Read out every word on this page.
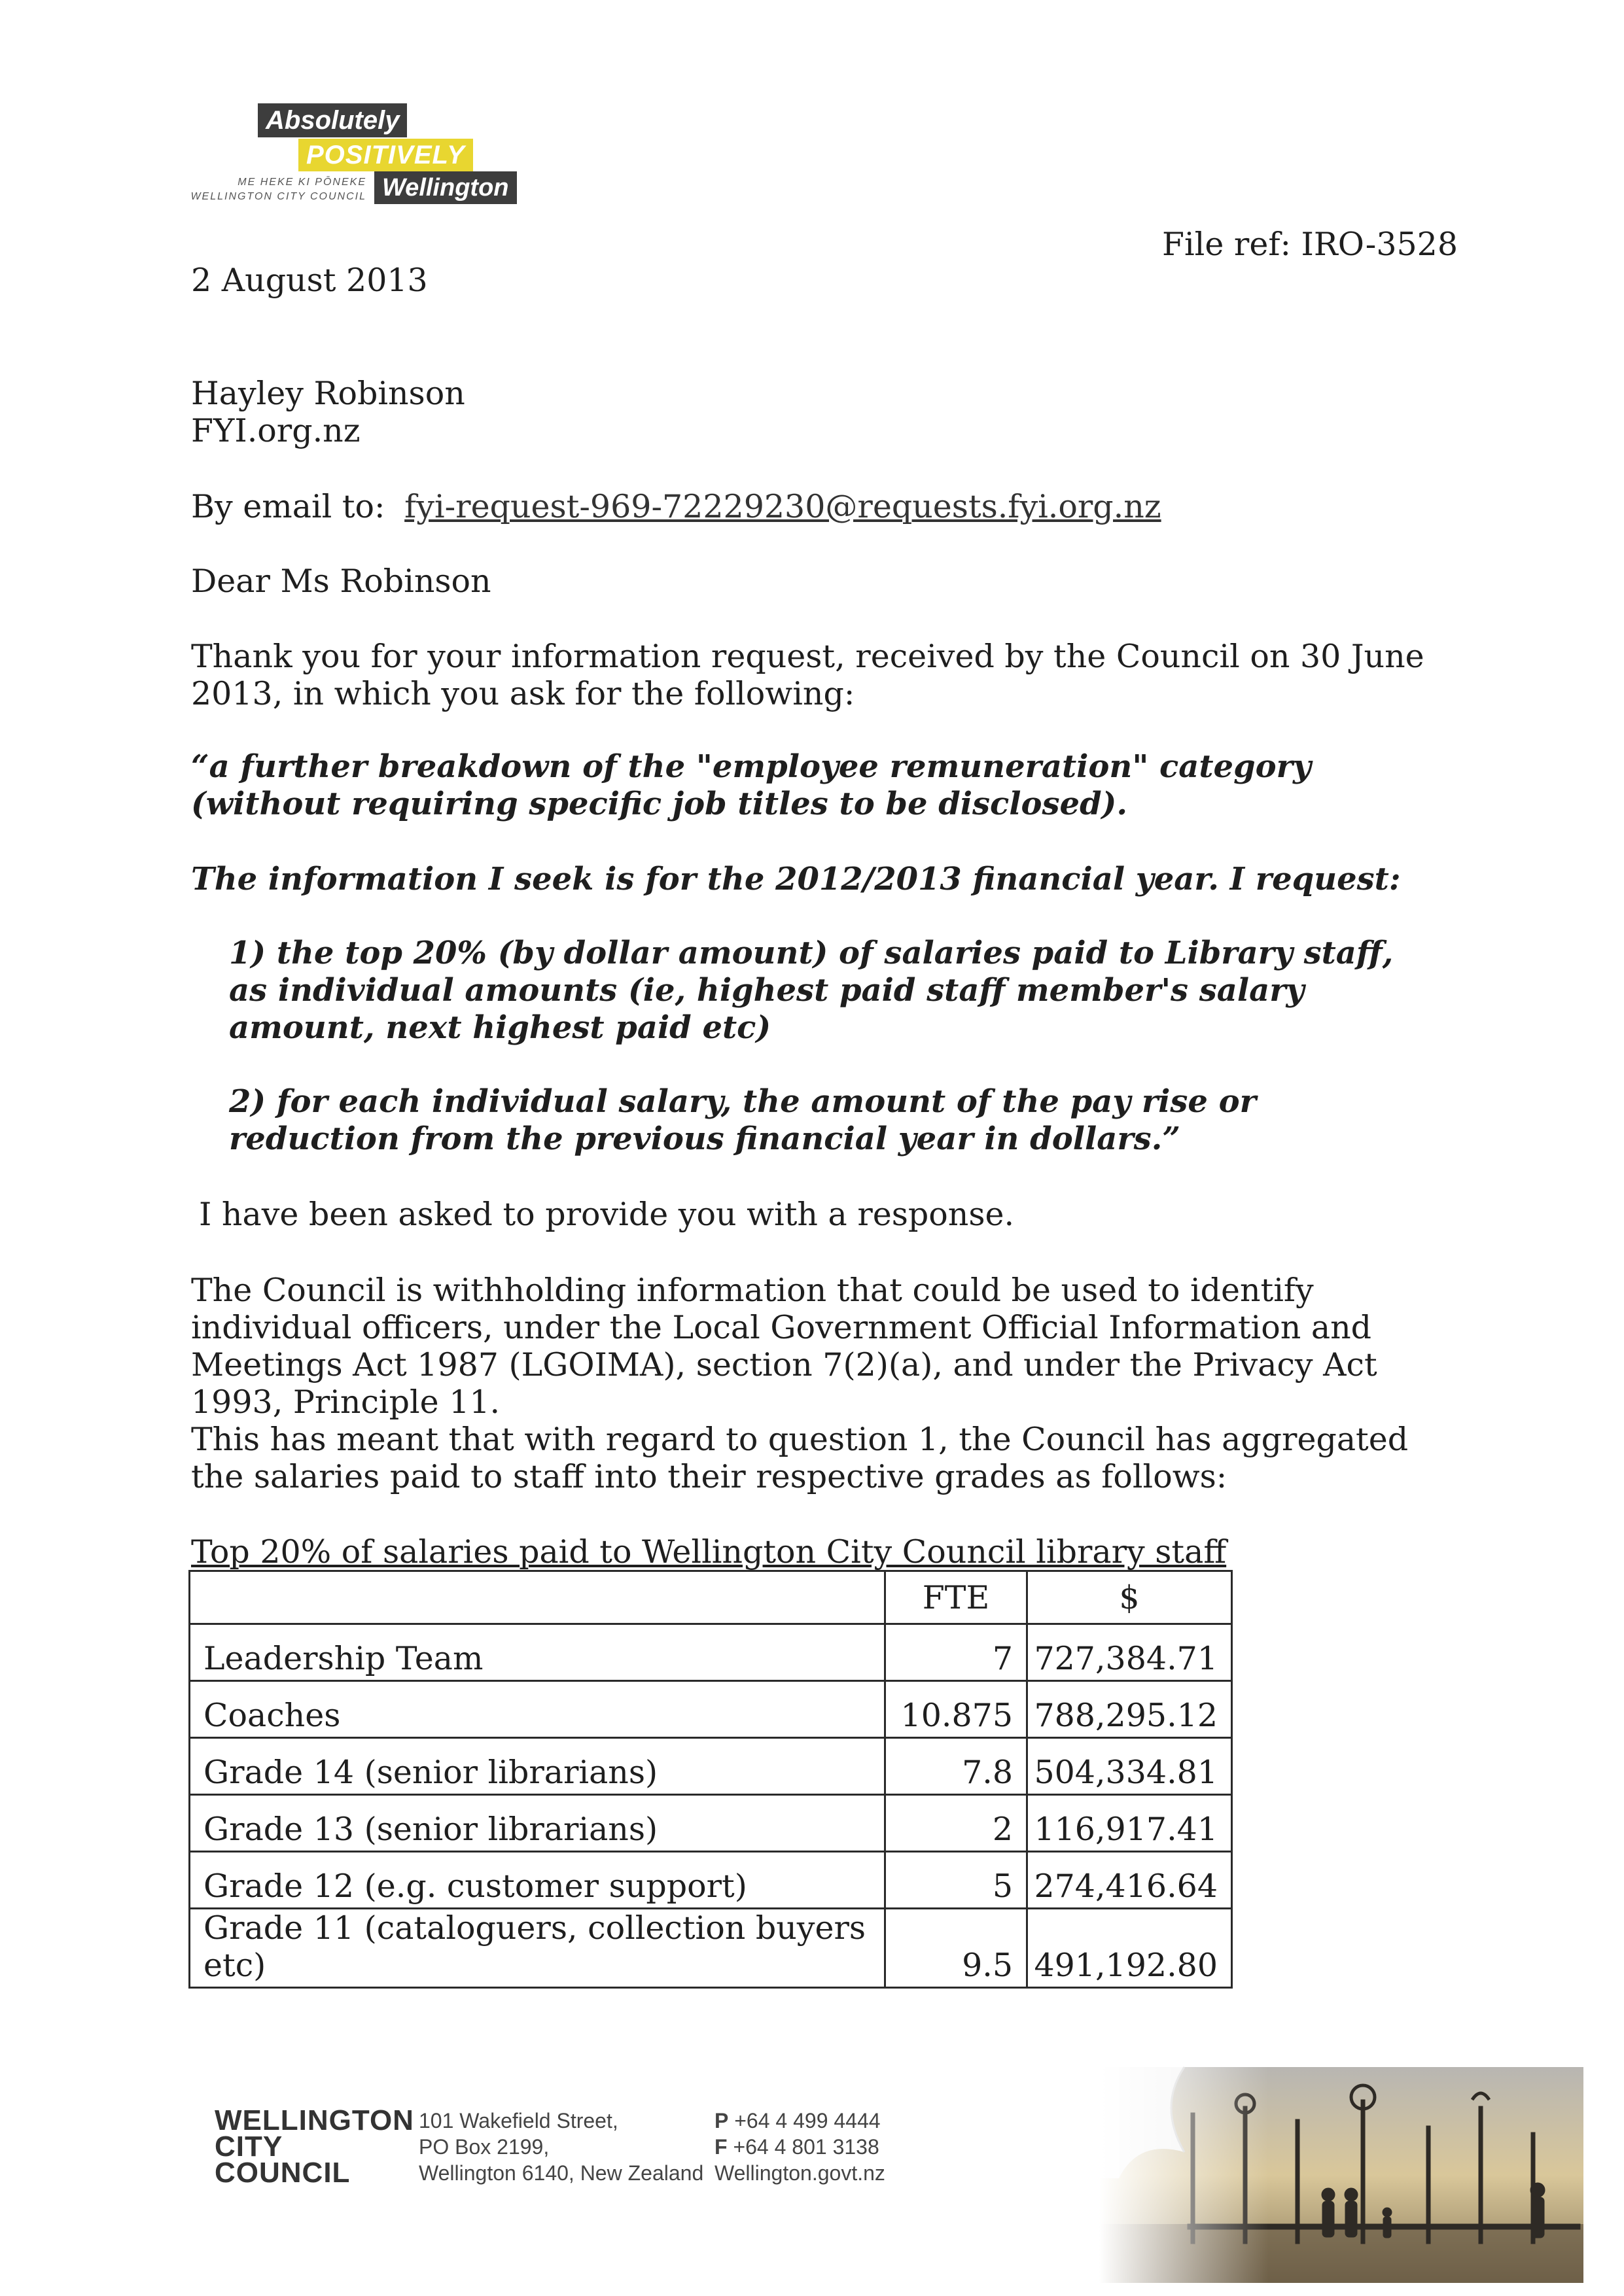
Absolutely
POSITIVELY
Wellington
ME HEKE KI PŌNEKE
WELLINGTON CITY COUNCIL
File ref: IRO-3528
2 August 2013
Hayley Robinson
FYI.org.nz
By email to: fyi-request-969-72229230@requests.fyi.org.nz
Dear Ms Robinson
Thank you for your information request, received by the Council on 30 June 2013, in which you ask for the following:
“a further breakdown of the "employee remuneration" category (without requiring specific job titles to be disclosed).
The information I seek is for the 2012/2013 financial year. I request:
1) the top 20% (by dollar amount) of salaries paid to Library staff, as individual amounts (ie, highest paid staff member's salary amount, next highest paid etc)
2) for each individual salary, the amount of the pay rise or reduction from the previous financial year in dollars.”
I have been asked to provide you with a response.
The Council is withholding information that could be used to identify individual officers, under the Local Government Official Information and Meetings Act 1987 (LGOIMA), section 7(2)(a), and under the Privacy Act 1993, Principle 11.
This has meant that with regard to question 1, the Council has aggregated the salaries paid to staff into their respective grades as follows:
Top 20% of salaries paid to Wellington City Council library staff
	FTE	$
Leadership Team	7	727,384.71
Coaches	10.875	788,295.12
Grade 14 (senior librarians)	7.8	504,334.81
Grade 13 (senior librarians)	2	116,917.41
Grade 12 (e.g. customer support)	5	274,416.64
Grade 11 (cataloguers, collection buyers etc)	9.5	491,192.80
WELLINGTON
CITY
COUNCIL
101 Wakefield Street,
PO Box 2199,
Wellington 6140, New Zealand
P +64 4 499 4444
F +64 4 801 3138
Wellington.govt.nz
